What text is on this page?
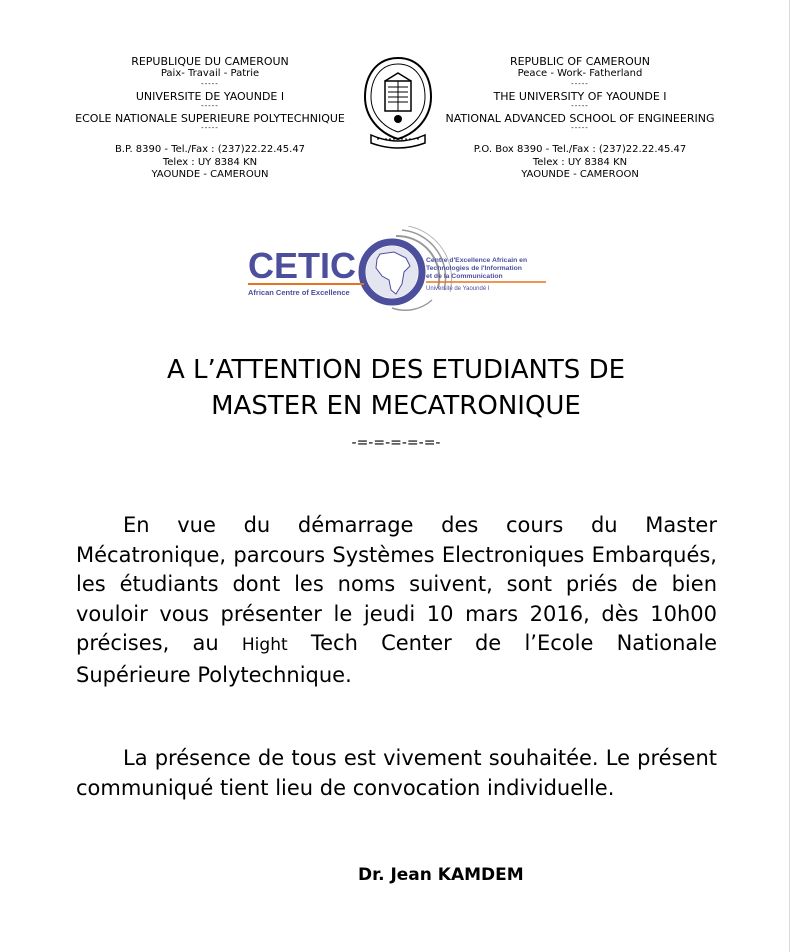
REPUBLIQUE DU CAMEROUN
Paix- Travail - Patrie
-----
UNIVERSITE DE YAOUNDE I
-----
ECOLE NATIONALE SUPERIEURE POLYTECHNIQUE
-----
B.P. 8390 - Tel./Fax : (237)22.22.45.47
Telex : UY 8384 KN
YAOUNDE - CAMEROUN
REPUBLIC OF CAMEROUN
Peace - Work- Fatherland
-----
THE UNIVERSITY OF YAOUNDE I
-----
NATIONAL ADVANCED SCHOOL OF ENGINEERING
-----
P.O. Box 8390 - Tel./Fax : (237)22.22.45.47
Telex : UY 8384 KN
YAOUNDE - CAMEROON
CETIC
African Centre of Excellence
Centre d'Excellence Africain en
Technologies de l'Information
et de la Communication
Université de Yaoundé I
A L’ATTENTION DES ETUDIANTS DE
MASTER EN MECATRONIQUE
-=-=-=-=-=-
En vue du démarrage des cours du Master Mécatronique, parcours Systèmes Electroniques Embarqués, les étudiants dont les noms suivent, sont priés de bien vouloir vous présenter le jeudi 10 mars 2016, dès 10h00 précises, au Hight Tech Center de l’Ecole Nationale Supérieure Polytechnique.
La présence de tous est vivement souhaitée. Le présent communiqué tient lieu de convocation individuelle.
Dr. Jean KAMDEM
